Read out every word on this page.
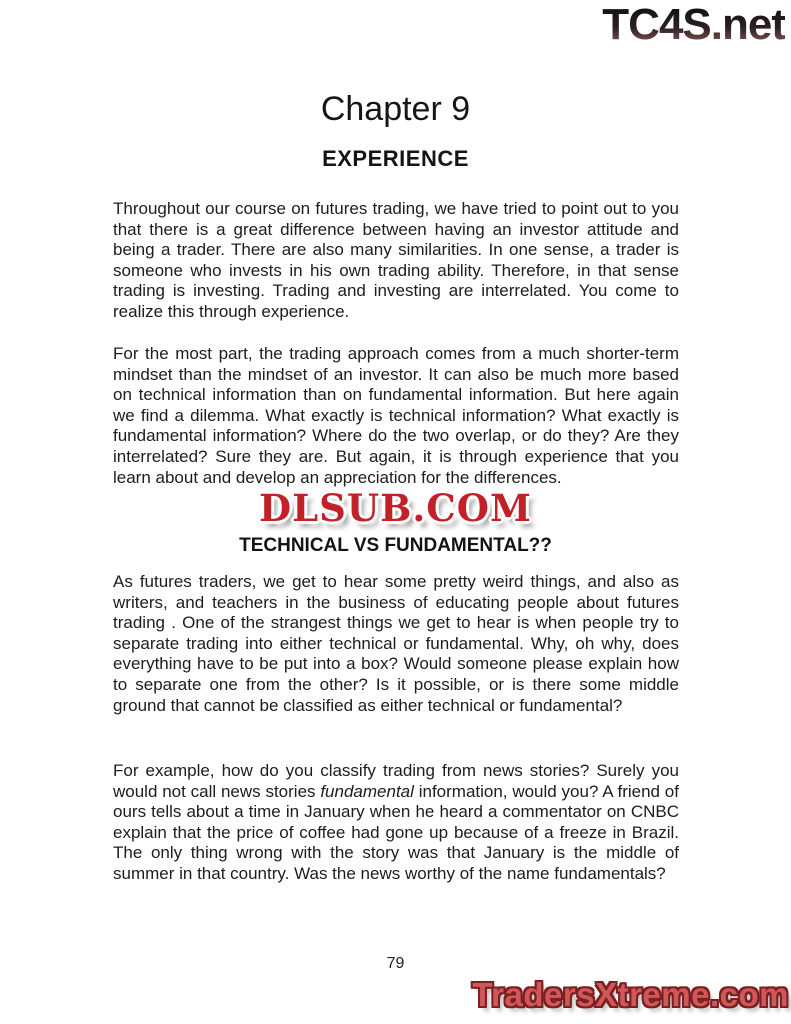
TC4S.net
Chapter 9
EXPERIENCE

Throughout our course on futures trading, we have tried to point out to you that there is a great difference between having an investor attitude and being a trader. There are also many similarities. In one sense, a trader is someone who invests in his own trading ability. Therefore, in that sense trading is investing. Trading and investing are interrelated. You come to realize this through experience.

For the most part, the trading approach comes from a much shorter-term mindset than the mindset of an investor. It can also be much more based on technical information than on fundamental information. But here again we find a dilemma. What exactly is technical information? What exactly is fundamental information? Where do the two overlap, or do they? Are they interrelated? Sure they are. But again, it is through experience that you learn about and develop an appreciation for the differences.

DLSUB.COM
TECHNICAL VS FUNDAMENTAL??

As futures traders, we get to hear some pretty weird things, and also as writers, and teachers in the business of educating people about futures trading . One of the strangest things we get to hear is when people try to separate trading into either technical or fundamental. Why, oh why, does everything have to be put into a box? Would someone please explain how to separate one from the other? Is it possible, or is there some middle ground that cannot be classified as either technical or fundamental?

For example, how do you classify trading from news stories? Surely you would not call news stories fundamental information, would you? A friend of ours tells about a time in January when he heard a commentator on CNBC explain that the price of coffee had gone up because of a freeze in Brazil. The only thing wrong with the story was that January is the middle of summer in that country. Was the news worthy of the name fundamentals?

79
TradersXtreme.com
